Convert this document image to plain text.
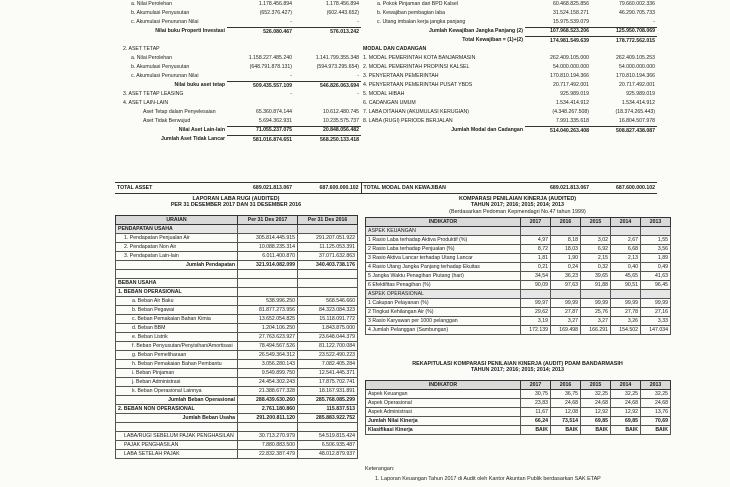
a. Nilai Perolehan	1.178.456.894	1.178.456.894
b. Akumulasi Penyusutan	(652.376.427)	(602.443.652)
c. Akumulasi Penurunan Nilai	-	-
Nilai buku Properti Investasi	526.080.467	576.013.242

2. ASET TETAP		
a. Nilai Perolehan	1.158.227.485.240	1.141.799.355.348
b. Akumulasi Penyusutan	(648.791.878.131)	(594.973.295.654)
c. Akumulasi Penurunan Nilai	-	-
Nilai buku aset tetap	509.435.557.109	546.826.063.694
3. ASET TETAP LEASING	-	-
4. ASET LAIN-LAIN		
Aset Tetap dalam Penyelesaian	65.360.874.144	10.612.480.745
Aset Tidak Berwujud	5.694.362.931	10.235.575.737
Nilai Aset Lain-lain	71.055.237.075	20.848.056.482
Jumlah Aset Tidak Lancar	581.016.874.651	568.250.133.418
a. Pokok Pinjaman dari BPD Kalsel	60.468.825.856	79.660.002.336
b. Kewajiban pembagian laba	31.524.158.271	46.290.705.733
c. Utang imbalan kerja jangka panjang	15.975.539.079	-
Jumlah Kewajiban Jangka Panjang (2)	107.968.523.206	125.950.708.069
Total Kewajiban = (1)+(2)	174.981.549.639	178.772.562.015
MODAL DAN CADANGAN		
1. MODAL PEMERINTAH KOTA BANJARMASIN	262.409.105.000	262.409.105.253
2. MODAL PEMERINTAH PROPINSI KALSEL	54.000.000.000	54.000.000.000
3. PENYERTAAN PEMERINTAH	170.810.194.366	170.810.194.366
4. PENYERTAAN PEMERINTAH PUSAT YBDS	20.717.492.001	20.717.492.001
5. MODAL HIBAH	925.989.019	925.989.019
6. CADANGAN UMUM	1.534.414.912	1.534.414.912
7. LABA DITAHAN (AKUMULASI KERUGIAN)	(4.348.267.508)	(18.374.265.443)
8. LABA (RUGI) PERIODE BERJALAN	7.991.335.618	16.804.507.978
Jumlah Modal dan Cadangan	514.040.263.408	508.827.438.087
TOTAL ASSET	689.021.813.067	687.600.000.102	TOTAL MODAL DAN KEWAJIBAN	689.021.813.067	687.600.000.102
LAPORAN LABA RUGI (AUDITED)
PER 31 DESEMBER 2017 DAN 31 DESEMBER 2016
URAIAN	Per 31 Des 2017	Per 31 Des 2016
PENDAPATAN USAHA		
1. Pendapatan Penjualan Air	305.814.445.915	291.207.051.922
2. Pendapatan Non Air	10.088.235.314	11.125.053.391
3. Pendapatan Lain-lain	6.011.400.870	37.071.632.863
Jumlah Pendapatan	321.914.082.099	340.403.738.176

BEBAN USAHA		
1. BEBAN OPERASIONAL		
a. Beban Air Baku	538.996.250	568.546.660
b. Beban Pegawai	81.877.273.956	84.323.084.323
c. Beban Pemakaian Bahan Kimia	13.652.054.825	15.118.091.772
d. Beban BBM	1.204.106.250	1.843.875.000
e. Beban Listrik	27.763.623.927	23.648.044.379
f. Beban Penyusutan/Penyisihan/Amortisasi	78.494.567.526	81.122.700.084
g. Beban Pemeliharaan	26.549.364.312	23.522.490.223
h. Beban Pemakaian Bahan Pembantu	3.056.280.143	7.082.405.284
i. Beban Pinjaman	9.549.899.750	12.541.445.371
j. Beban Administrasi	24.454.302.243	17.875.702.741
k. Beban Operasional Lainnya	21.388.677.328	18.167.931.891
Jumlah Beban Operasional	288.439.630.260	285.768.085.299
2. BEBAN NON OPERASIONAL	2.761.180.860	115.837.513
Jumlah Beban Usaha	291.200.811.120	285.883.922.752

LABA/RUGI SEBELUM PAJAK PENGHASILAN	30.713.270.979	54.519.815.424
PAJAK PENGHASILAN	7.880.883.500	6.506.935.487
LABA SETELAH PAJAK	22.832.387.479	48.012.879.937
KOMPARASI PENILAIAN KINERJA (AUDITED)
TAHUN 2017; 2016; 2015; 2014; 2013
(Berdasarkan Pedoman Kepmendagri No.47 tahun 1999)
INDIKATOR	2017	2016	2015	2014	2013
ASPEK KEUANGAN					
1 Rasio Laba terhadap Aktiva Produktif (%)	4,97	8,18	3,02	2,67	1,55
2 Rasio Laba terhadap Penjualan (%)	8,72	18,03	6,92	6,68	3,56
3 Rasio Aktiva Lancar terhadap Utang Lancar	1,81	1,90	2,15	2,13	1,89
4 Rasio Utang Jangka Panjang terhadap Ekuitas	0,21	0,24	0,32	0,40	0,49
5 Jangka Waktu Penagihan Piutang (hari)	34,54	36,23	39,65	45,65	41,63
6 Efektifitas Penagihan (%)	90,09	97,63	91,88	90,51	96,45
ASPEK OPERASIONAL					
1 Cakupan Pelayanan (%)	99,97	99,99	99,99	99,99	99,99
2 Tingkat Kehilangan Air (%)	29,62	27,87	25,76	27,78	27,16
3 Rasio Karyawan per 1000 pelanggan	3,19	3,27	3,27	3,26	3,33
4 Jumlah Pelanggan (Sambungan)	172.139	169.498	166.291	154.502	147.034
REKAPITULASI KOMPARASI PENILAIAN KINERJA (AUDIT) PDAM BANDARMASIH
TAHUN 2017; 2016; 2015; 2014; 2013
INDIKATOR	2017	2016	2015	2014	2013
Aspek Keuangan	30,75	36,75	32,25	32,25	32,25
Aspek Operasional	23,83	24,68	24,68	24,68	24,68
Aspek Administrasi	11,67	12,08	12,92	12,92	13,76
Jumlah Nilai Kinerja	66,24	73,514	69,85	69,85	70,69
Klasifikasi Kinerja	BAIK	BAIK	BAIK	BAIK	BAIK
Keterangan:
1. Laporan Keuangan Tahun 2017 di Audit oleh Kantor Akuntan Publik berdasarkan SAK ETAP
